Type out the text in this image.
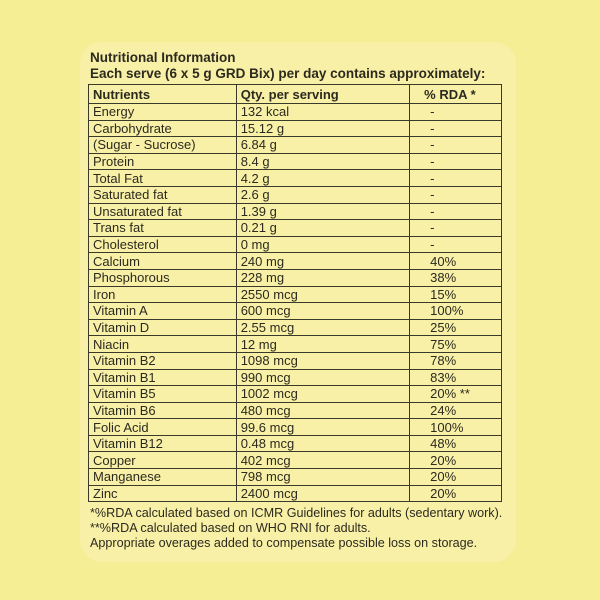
Nutritional Information

Each serve (6 x 5 g GRD Bix) per day contains approximately:

Nutrients	Qty. per serving	% RDA *
Energy	132 kcal	-
Carbohydrate	15.12 g	-
(Sugar - Sucrose)	6.84 g	-
Protein	8.4 g	-
Total Fat	4.2 g	-
Saturated fat	2.6 g	-
Unsaturated fat	1.39 g	-
Trans fat	0.21 g	-
Cholesterol	0 mg	-
Calcium	240 mg	40%
Phosphorous	228 mg	38%
Iron	2550 mcg	15%
Vitamin A	600 mcg	100%
Vitamin D	2.55 mcg	25%
Niacin	12 mg	75%
Vitamin B2	1098 mcg	78%
Vitamin B1	990 mcg	83%
Vitamin B5	1002 mcg	20% **
Vitamin B6	480 mcg	24%
Folic Acid	99.6 mcg	100%
Vitamin B12	0.48 mcg	48%
Copper	402 mcg	20%
Manganese	798 mcg	20%
Zinc	2400 mcg	20%
*%RDA calculated based on ICMR Guidelines for adults (sedentary work).
**%RDA calculated based on WHO RNI for adults.
Appropriate overages added to compensate possible loss on storage.
